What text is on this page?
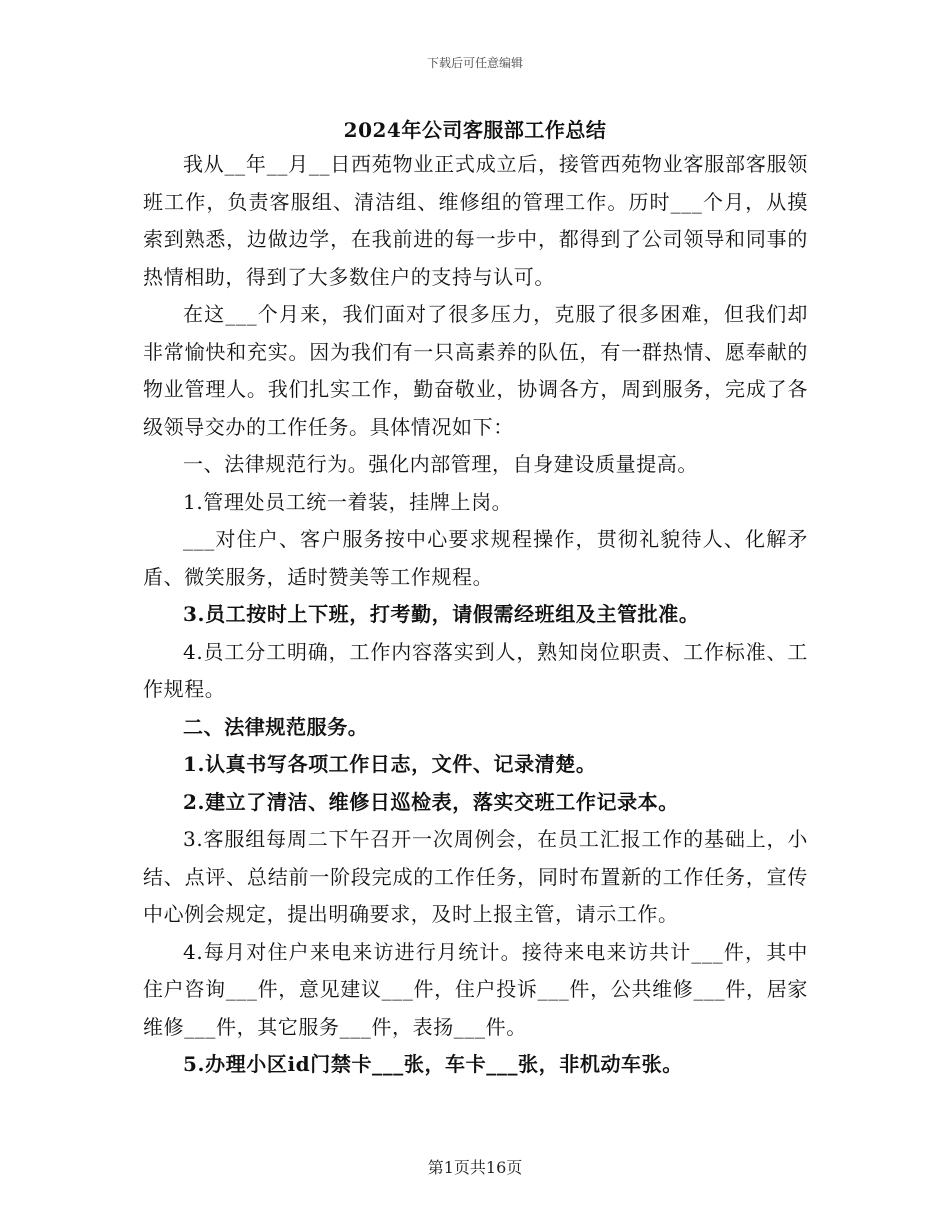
下载后可任意编辑
2024年公司客服部工作总结

我从__年__月__日西苑物业正式成立后，接管西苑物业客服部客服领班工作，负责客服组、清洁组、维修组的管理工作。历时___个月，从摸索到熟悉，边做边学，在我前进的每一步中，都得到了公司领导和同事的热情相助，得到了大多数住户的支持与认可。

在这___个月来，我们面对了很多压力，克服了很多困难，但我们却非常愉快和充实。因为我们有一只高素养的队伍，有一群热情、愿奉献的物业管理人。我们扎实工作，勤奋敬业，协调各方，周到服务，完成了各级领导交办的工作任务。具体情况如下：

一、法律规范行为。强化内部管理，自身建设质量提高。

1.管理处员工统一着装，挂牌上岗。

___对住户、客户服务按中心要求规程操作，贯彻礼貌待人、化解矛盾、微笑服务，适时赞美等工作规程。

3.员工按时上下班，打考勤，请假需经班组及主管批准。

4.员工分工明确，工作内容落实到人，熟知岗位职责、工作标准、工作规程。

二、法律规范服务。

1.认真书写各项工作日志，文件、记录清楚。

2.建立了清洁、维修日巡检表，落实交班工作记录本。

3.客服组每周二下午召开一次周例会，在员工汇报工作的基础上，小结、点评、总结前一阶段完成的工作任务，同时布置新的工作任务，宣传中心例会规定，提出明确要求，及时上报主管，请示工作。

4.每月对住户来电来访进行月统计。接待来电来访共计___件，其中住户咨询___件，意见建议___件，住户投诉___件，公共维修___件，居家维修___件，其它服务___件，表扬___件。

5.办理小区id门禁卡___张，车卡___张，非机动车张。

第1页共16页
